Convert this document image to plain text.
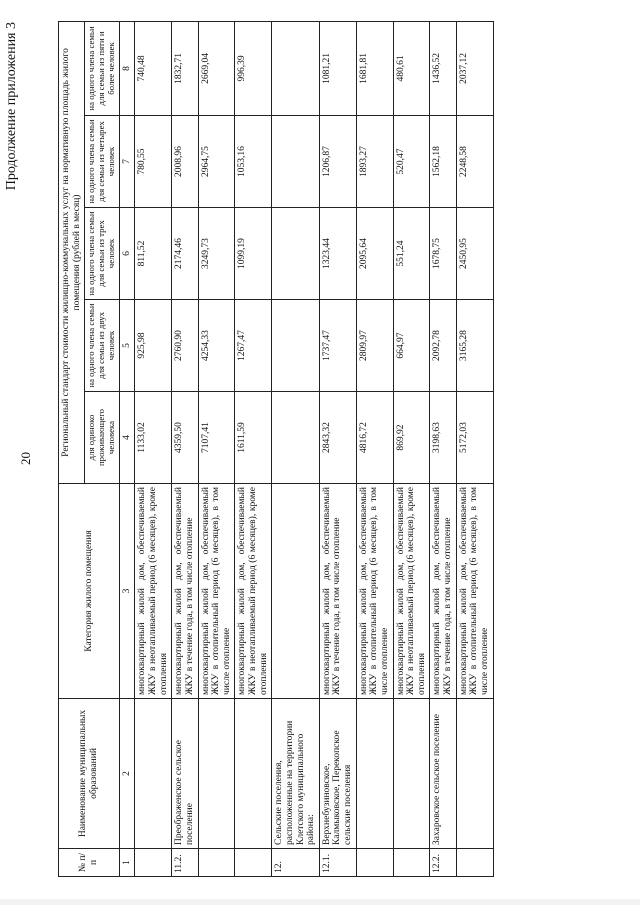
20
Продолжение приложения 3
№ п/п	Наименование муниципальных образований	Категория жилого помещения	Региональный стандарт стоимости жилищно-коммунальных услуг на нормативную площадь жилого помещения (рублей в месяц)				
			для одиноко проживающего человека	на одного члена семьи для семьи из двух человек	на одного члена семьи для семьи из трех человек	на одного члена семьи для семьи из четырех человек	на одного члена семьи для семьи из пяти и более человек
1	2	3	4	5	6	7	8
		многоквартирный жилой дом, обеспечиваемый ЖКУ в неотапливаемый период (6 месяцев), кроме отопления	1133,02	925,98	811,52	780,55	740,48
11.2.	Преображенское сельское поселение	многоквартирный жилой дом, обеспечиваемый ЖКУ в течение года, в том числе отопление	4359,50	2760,90	2174,46	2008,96	1832,71
		многоквартирный жилой дом, обеспечиваемый ЖКУ в отопительный период (6 месяцев), в том числе отопление	7107,41	4254,33	3249,73	2964,75	2669,04
		многоквартирный жилой дом, обеспечиваемый ЖКУ в неотапливаемый период (6 месяцев), кроме отопления	1611,59	1267,47	1099,19	1053,16	996,39
12.	Сельские поселения, расположенные на территории Клетского муниципального района:						
12.1.	Верхнебузиновское, Калмыковское, Перекопское сельские поселения	многоквартирный жилой дом, обеспечиваемый ЖКУ в течение года, в том числе отопление	2843,32	1737,47	1323,44	1206,87	1081,21
		многоквартирный жилой дом, обеспечиваемый ЖКУ в отопительный период (6 месяцев), в том числе отопление	4816,72	2809,97	2095,64	1893,27	1681,81
		многоквартирный жилой дом, обеспечиваемый ЖКУ в неотапливаемый период (6 месяцев), кроме отопления	869,92	664,97	551,24	520,47	480,61
12.2.	Захаровское сельское поселение	многоквартирный жилой дом, обеспечиваемый ЖКУ в течение года, в том числе отопление	3198,63	2092,78	1678,75	1562,18	1436,52
		многоквартирный жилой дом, обеспечиваемый ЖКУ в отопительный период (6 месяцев), в том числе отопление	5172,03	3165,28	2450,95	2248,58	2037,12
